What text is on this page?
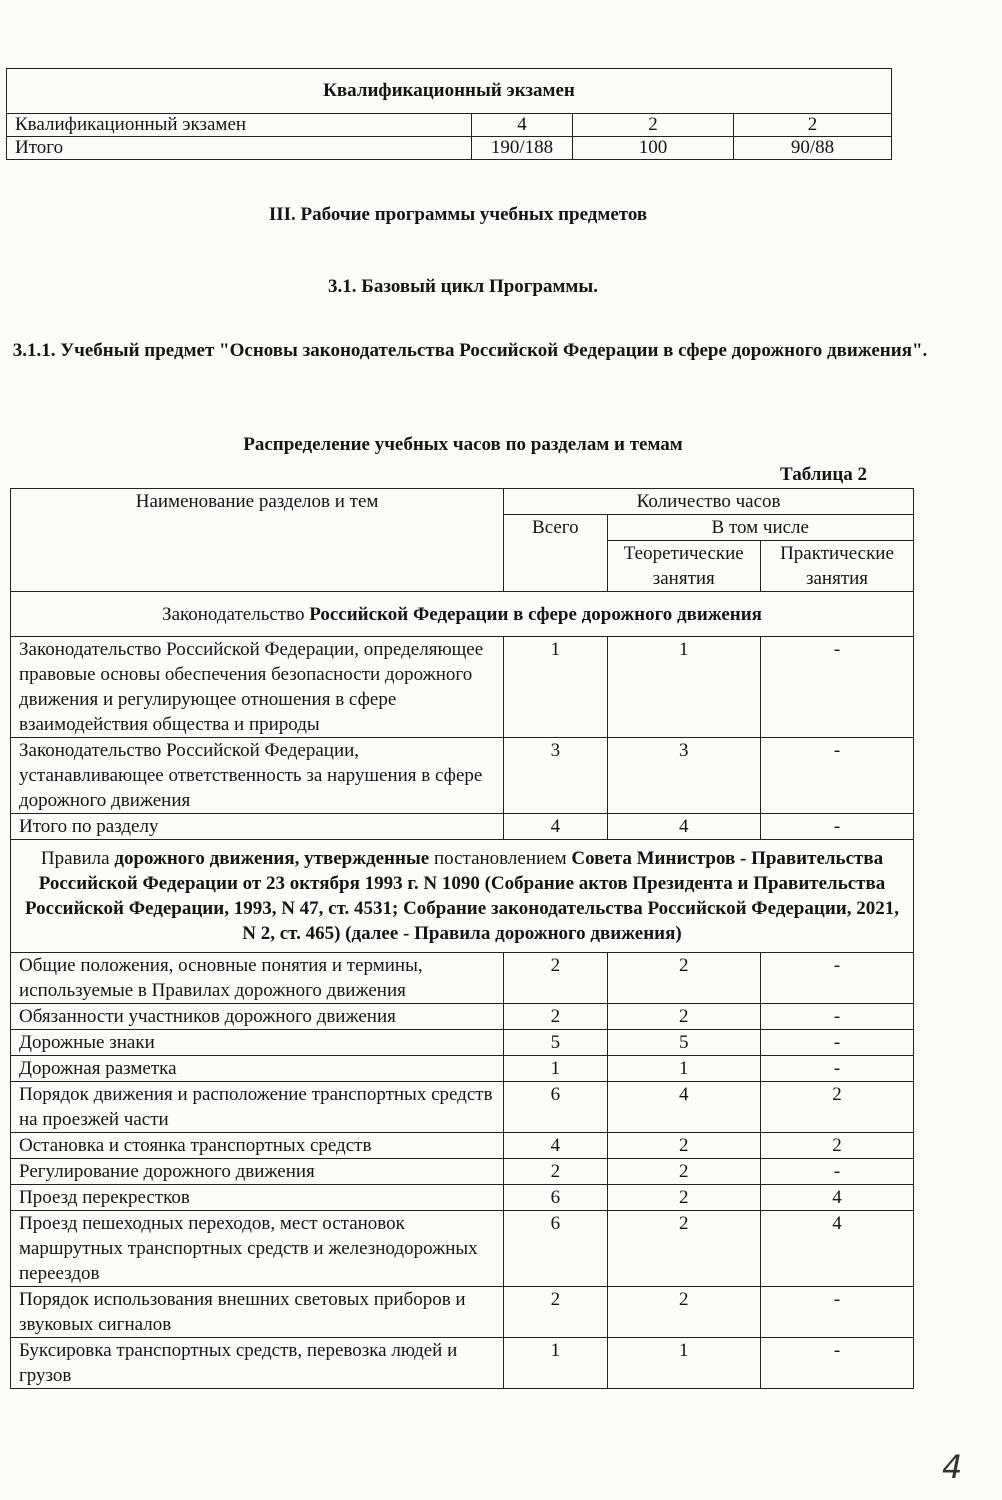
Квалификационный экзамен			
Квалификационный экзамен	4	2	2
Итого	190/188	100	90/88
III. Рабочие программы учебных предметов
3.1. Базовый цикл Программы.
3.1.1. Учебный предмет "Основы законодательства Российской Федерации в сфере дорожного движения".
Распределение учебных часов по разделам и темам
Таблица 2
Наименование разделов и тем	Количество часов		
	Всего	В том числе	
		Теоретические занятия	Практические занятия
Законодательство Российской Федерации в сфере дорожного движения			
Законодательство Российской Федерации, определяющее правовые основы обеспечения безопасности дорожного движения и регулирующее отношения в сфере взаимодействия общества и природы	1	1	-
Законодательство Российской Федерации, устанавливающее ответственность за нарушения в сфере дорожного движения	3	3	-
Итого по разделу	4	4	-
Правила дорожного движения, утвержденные постановлением Совета Министров - Правительства Российской Федерации от 23 октября 1993 г. N 1090 (Собрание актов Президента и Правительства Российской Федерации, 1993, N 47, ст. 4531; Собрание законодательства Российской Федерации, 2021, N 2, ст. 465) (далее - Правила дорожного движения)			
Общие положения, основные понятия и термины, используемые в Правилах дорожного движения	2	2	-
Обязанности участников дорожного движения	2	2	-
Дорожные знаки	5	5	-
Дорожная разметка	1	1	-
Порядок движения и расположение транспортных средств на проезжей части	6	4	2
Остановка и стоянка транспортных средств	4	2	2
Регулирование дорожного движения	2	2	-
Проезд перекрестков	6	2	4
Проезд пешеходных переходов, мест остановок маршрутных транспортных средств и железнодорожных переездов	6	2	4
Порядок использования внешних световых приборов и звуковых сигналов	2	2	-
Буксировка транспортных средств, перевозка людей и грузов	1	1	-
4
